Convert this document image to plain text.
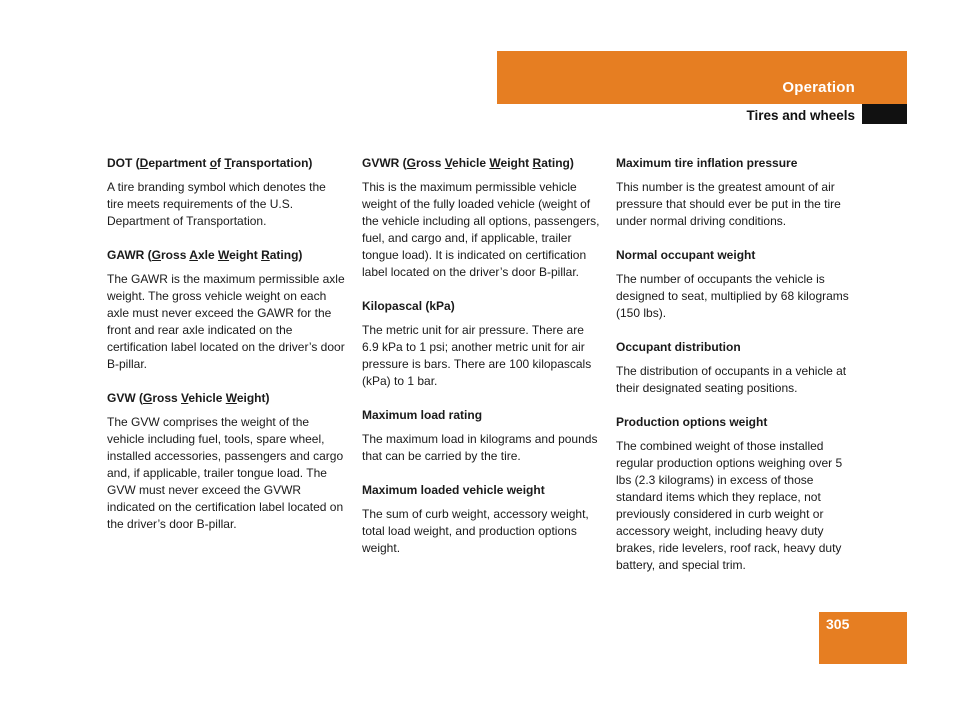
Operation
Tires and wheels
DOT (Department of Transportation)
A tire branding symbol which denotes the tire meets requirements of the U.S. Department of Transportation.
GAWR (Gross Axle Weight Rating)
The GAWR is the maximum permissible axle weight. The gross vehicle weight on each axle must never exceed the GAWR for the front and rear axle indicated on the certification label located on the driver’s door B-pillar.
GVW (Gross Vehicle Weight)
The GVW comprises the weight of the vehicle including fuel, tools, spare wheel, installed accessories, passengers and cargo and, if applicable, trailer tongue load. The GVW must never exceed the GVWR indicated on the certification label located on the driver’s door B-pillar.
GVWR (Gross Vehicle Weight Rating)
This is the maximum permissible vehicle weight of the fully loaded vehicle (weight of the vehicle including all options, passengers, fuel, and cargo and, if applicable, trailer tongue load). It is indicated on certification label located on the driver’s door B-pillar.
Kilopascal (kPa)
The metric unit for air pressure. There are 6.9 kPa to 1 psi; another metric unit for air pressure is bars. There are 100 kilopascals (kPa) to 1 bar.
Maximum load rating
The maximum load in kilograms and pounds that can be carried by the tire.
Maximum loaded vehicle weight
The sum of curb weight, accessory weight, total load weight, and production options weight.
Maximum tire inflation pressure
This number is the greatest amount of air pressure that should ever be put in the tire under normal driving conditions.
Normal occupant weight
The number of occupants the vehicle is designed to seat, multiplied by 68 kilograms (150 lbs).
Occupant distribution
The distribution of occupants in a vehicle at their designated seating positions.
Production options weight
The combined weight of those installed regular production options weighing over 5 lbs (2.3 kilograms) in excess of those standard items which they replace, not previously considered in curb weight or accessory weight, including heavy duty brakes, ride levelers, roof rack, heavy duty battery, and special trim.
305
